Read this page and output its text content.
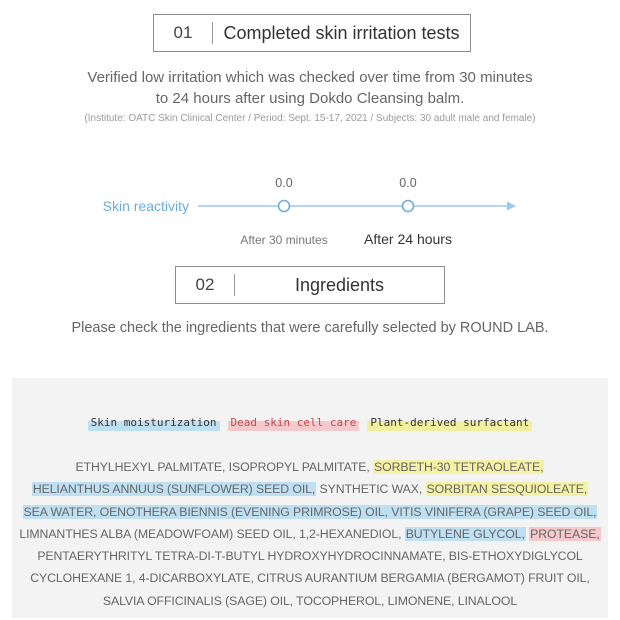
01	Completed skin irritation tests
Verified low irritation which was checked over time from 30 minutes
to 24 hours after using Dokdo Cleansing balm.
(Institute: OATC Skin Clinical Center / Period: Sept. 15-17, 2021 / Subjects: 30 adult male and female)
Skin reactivity
0.0
After 30 minutes
0.0
After 24 hours
02	Ingredients
Please check the ingredients that were carefully selected by ROUND LAB.
Skin moisturization Dead skin cell care Plant-derived surfactant
ETHYLHEXYL PALMITATE, ISOPROPYL PALMITATE, SORBETH-30 TETRAOLEATE,
HELIANTHUS ANNUUS (SUNFLOWER) SEED OIL, SYNTHETIC WAX, SORBITAN SESQUIOLEATE,
SEA WATER, OENOTHERA BIENNIS (EVENING PRIMROSE) OIL, VITIS VINIFERA (GRAPE) SEED OIL,
LIMNANTHES ALBA (MEADOWFOAM) SEED OIL, 1,2-HEXANEDIOL, BUTYLENE GLYCOL, PROTEASE,
PENTAERYTHRITYL TETRA-DI-T-BUTYL HYDROXYHYDROCINNAMATE, BIS-ETHOXYDIGLYCOL
CYCLOHEXANE 1, 4-DICARBOXYLATE, CITRUS AURANTIUM BERGAMIA (BERGAMOT) FRUIT OIL,
SALVIA OFFICINALIS (SAGE) OIL, TOCOPHEROL, LIMONENE, LINALOOL
